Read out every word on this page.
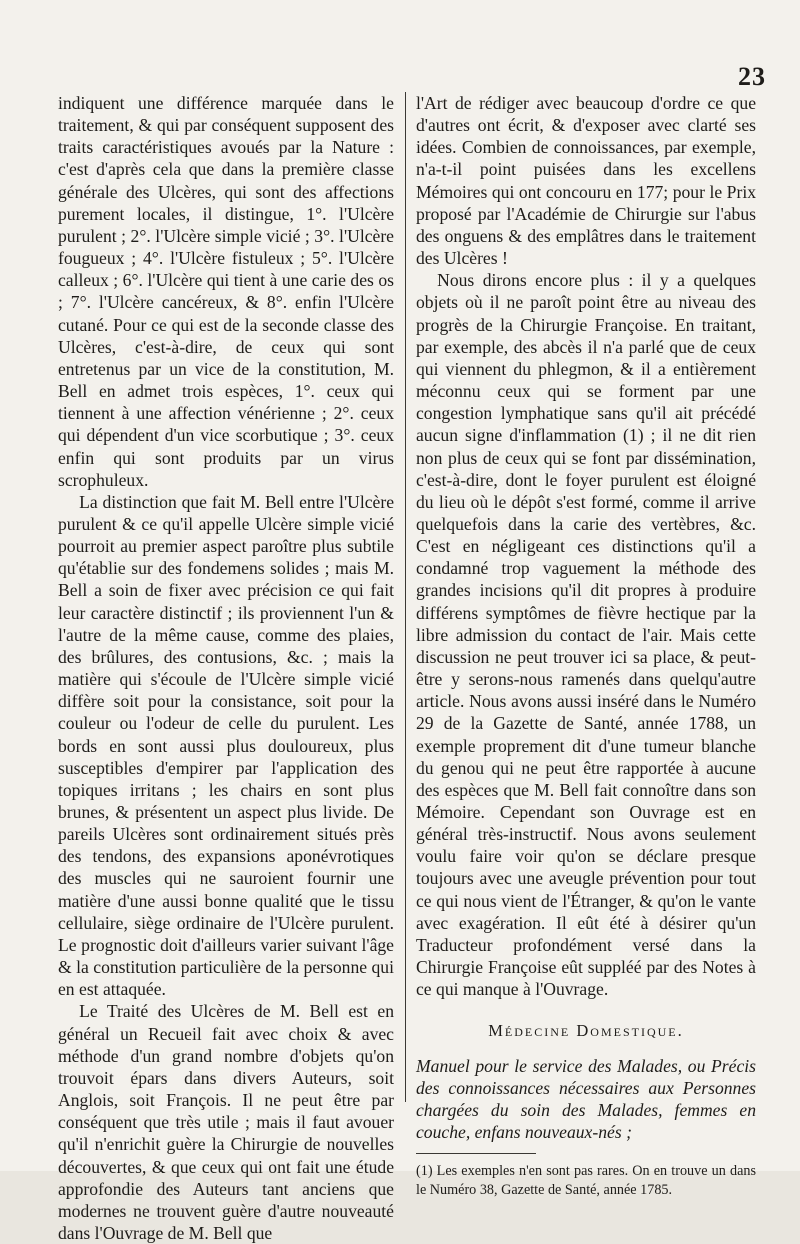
23

indiquent une différence marquée dans le traitement, & qui par conséquent supposent des traits caractéristiques avoués par la Nature : c'est d'après cela que dans la première classe générale des Ulcères, qui sont des affections purement locales, il distingue, 1°. l'Ulcère purulent ; 2°. l'Ulcère simple vicié ; 3°. l'Ulcère fougueux ; 4°. l'Ulcère fistuleux ; 5°. l'Ulcère calleux ; 6°. l'Ulcère qui tient à une carie des os ; 7°. l'Ulcère cancéreux, & 8°. enfin l'Ulcère cutané. Pour ce qui est de la seconde classe des Ulcères, c'est-à-dire, de ceux qui sont entretenus par un vice de la constitution, M. Bell en admet trois espèces, 1°. ceux qui tiennent à une affection vénérienne ; 2°. ceux qui dépendent d'un vice scorbutique ; 3°. ceux enfin qui sont produits par un virus scrophuleux.

La distinction que fait M. Bell entre l'Ulcère purulent & ce qu'il appelle Ulcère simple vicié pourroit au premier aspect paroître plus subtile qu'établie sur des fondemens solides ; mais M. Bell a soin de fixer avec précision ce qui fait leur caractère distinctif ; ils proviennent l'un & l'autre de la même cause, comme des plaies, des brûlures, des contusions, &c. ; mais la matière qui s'écoule de l'Ulcère simple vicié diffère soit pour la consistance, soit pour la couleur ou l'odeur de celle du purulent. Les bords en sont aussi plus douloureux, plus susceptibles d'empirer par l'application des topiques irritans ; les chairs en sont plus brunes, & présentent un aspect plus livide. De pareils Ulcères sont ordinairement situés près des tendons, des expansions aponévrotiques des muscles qui ne sauroient fournir une matière d'une aussi bonne qualité que le tissu cellulaire, siège ordinaire de l'Ulcère purulent. Le prognostic doit d'ailleurs varier suivant l'âge & la constitution particulière de la personne qui en est attaquée.

Le Traité des Ulcères de M. Bell est en général un Recueil fait avec choix & avec méthode d'un grand nombre d'objets qu'on trouvoit épars dans divers Auteurs, soit Anglois, soit François. Il ne peut être par conséquent que très utile ; mais il faut avouer qu'il n'enrichit guère la Chirurgie de nouvelles découvertes, & que ceux qui ont fait une étude approfondie des Auteurs tant anciens que modernes ne trouvent guère d'autre nouveauté dans l'Ouvrage de M. Bell que

l'Art de rédiger avec beaucoup d'ordre ce que d'autres ont écrit, & d'exposer avec clarté ses idées. Combien de connoissances, par exemple, n'a-t-il point puisées dans les excellens Mémoires qui ont concouru en 177; pour le Prix proposé par l'Académie de Chirurgie sur l'abus des onguens & des emplâtres dans le traitement des Ulcères !

Nous dirons encore plus : il y a quelques objets où il ne paroît point être au niveau des progrès de la Chirurgie Françoise. En traitant, par exemple, des abcès il n'a parlé que de ceux qui viennent du phlegmon, & il a entièrement méconnu ceux qui se forment par une congestion lymphatique sans qu'il ait précédé aucun signe d'inflammation (1) ; il ne dit rien non plus de ceux qui se font par dissémination, c'est-à-dire, dont le foyer purulent est éloigné du lieu où le dépôt s'est formé, comme il arrive quelquefois dans la carie des vertèbres, &c. C'est en négligeant ces distinctions qu'il a condamné trop vaguement la méthode des grandes incisions qu'il dit propres à produire différens symptômes de fièvre hectique par la libre admission du contact de l'air. Mais cette discussion ne peut trouver ici sa place, & peut-être y serons-nous ramenés dans quelqu'autre article. Nous avons aussi inséré dans le Numéro 29 de la Gazette de Santé, année 1788, un exemple proprement dit d'une tumeur blanche du genou qui ne peut être rapportée à aucune des espèces que M. Bell fait connoître dans son Mémoire. Cependant son Ouvrage est en général très-instructif. Nous avons seulement voulu faire voir qu'on se déclare presque toujours avec une aveugle prévention pour tout ce qui nous vient de l'Étranger, & qu'on le vante avec exagération. Il eût été à désirer qu'un Traducteur profondément versé dans la Chirurgie Françoise eût suppléé par des Notes à ce qui manque à l'Ouvrage.

Médecine Domestique.

Manuel pour le service des Malades, ou Précis des connoissances nécessaires aux Personnes chargées du soin des Malades, femmes en couche, enfans nouveaux-nés ;

(1) Les exemples n'en sont pas rares. On en trouve un dans le Numéro 38, Gazette de Santé, année 1785.
